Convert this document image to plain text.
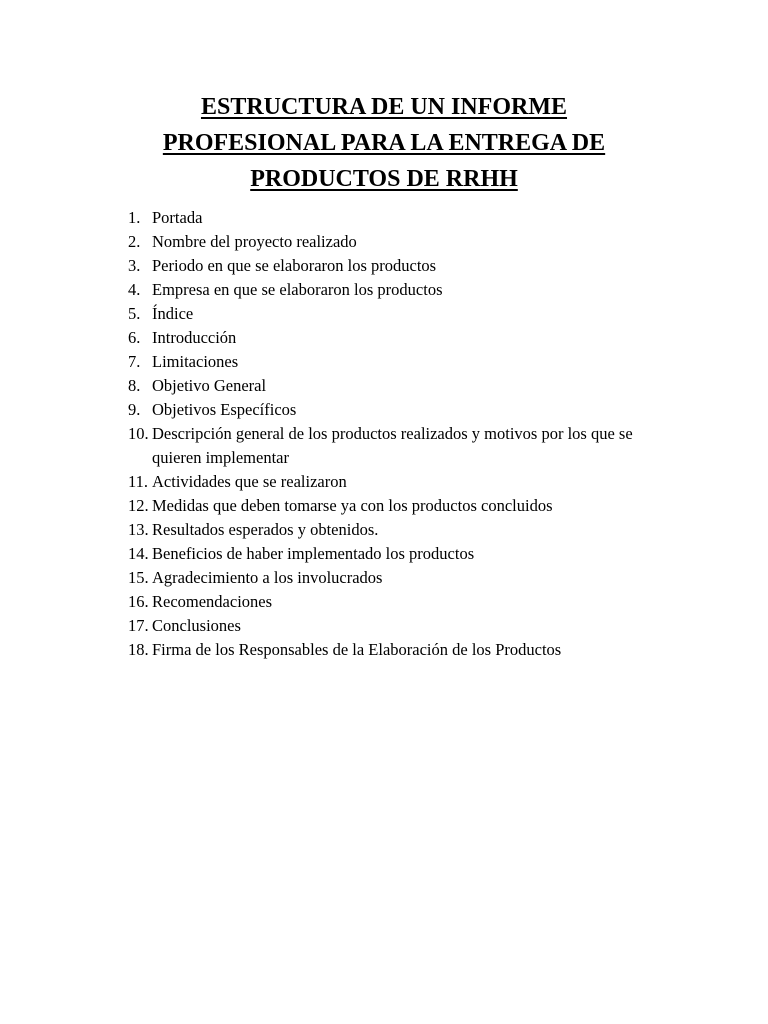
ESTRUCTURA DE UN INFORME
PROFESIONAL PARA LA ENTREGA DE
PRODUCTOS DE RRHH
1. Portada
2. Nombre del proyecto realizado
3. Periodo en que se elaboraron los productos
4. Empresa en que se elaboraron los productos
5. Índice
6. Introducción
7. Limitaciones
8. Objetivo General
9. Objetivos Específicos
10. Descripción general de los productos realizados y motivos por los que se quieren implementar
11. Actividades que se realizaron
12. Medidas que deben tomarse ya con los productos concluidos
13. Resultados esperados y obtenidos.
14. Beneficios de haber implementado los productos
15. Agradecimiento a los involucrados
16. Recomendaciones
17. Conclusiones
18. Firma de los Responsables de la Elaboración de los Productos
